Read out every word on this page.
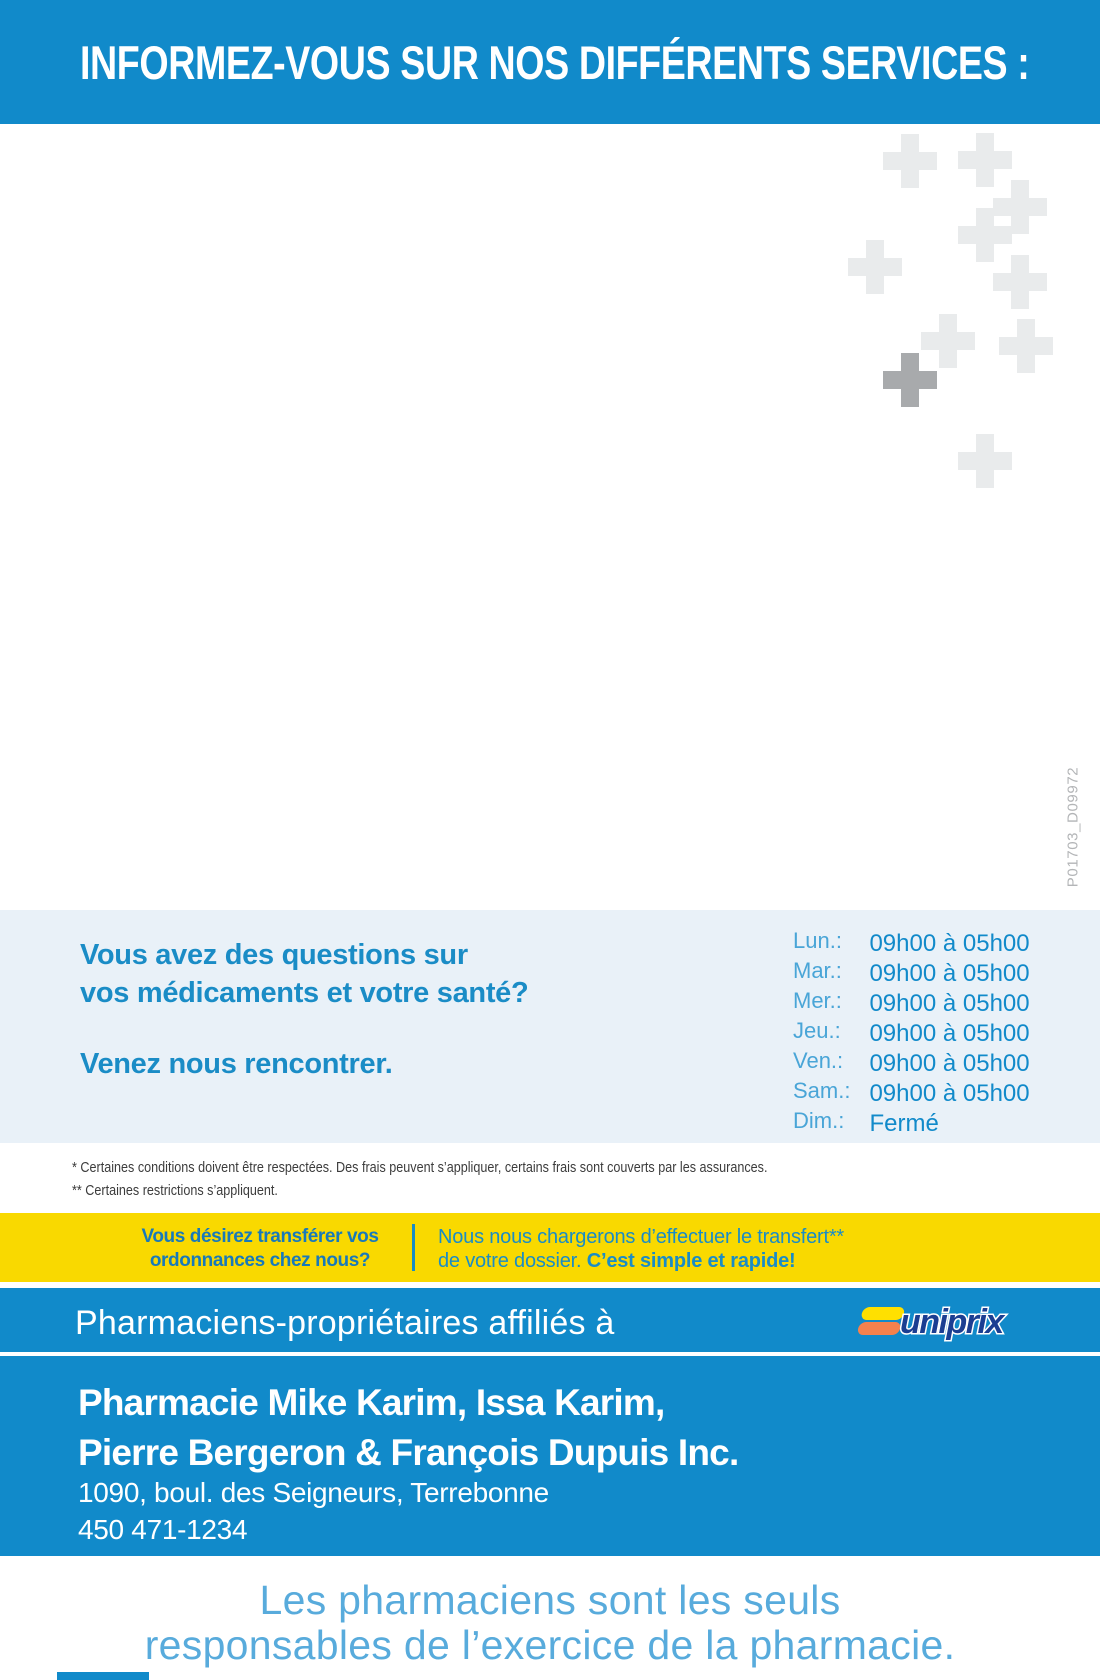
INFORMEZ-VOUS SUR NOS DIFFÉRENTS SERVICES :
P01703_D09972

Vous avez des questions sur
vos médicaments et votre santé?

Venez nous rencontrer.

Lun.: 09h00 à 05h00
Mar.: 09h00 à 05h00
Mer.: 09h00 à 05h00
Jeu.: 09h00 à 05h00
Ven.: 09h00 à 05h00
Sam.: 09h00 à 05h00
Dim.: Fermé
* Certaines conditions doivent être respectées. Des frais peuvent s’appliquer, certains frais sont couverts par les assurances.
** Certaines restrictions s’appliquent.
Vous désirez transférer vos
ordonnances chez nous?
Nous nous chargerons d’effectuer le transfert**
de votre dossier. C’est simple et rapide!
Pharmaciens-propriétaires affiliés à	uniprix
Pharmacie Mike Karim, Issa Karim,
Pierre Bergeron & François Dupuis Inc.
1090, boul. des Seigneurs, Terrebonne
450 471-1234
Les pharmaciens sont les seuls
responsables de l’exercice de la pharmacie.
